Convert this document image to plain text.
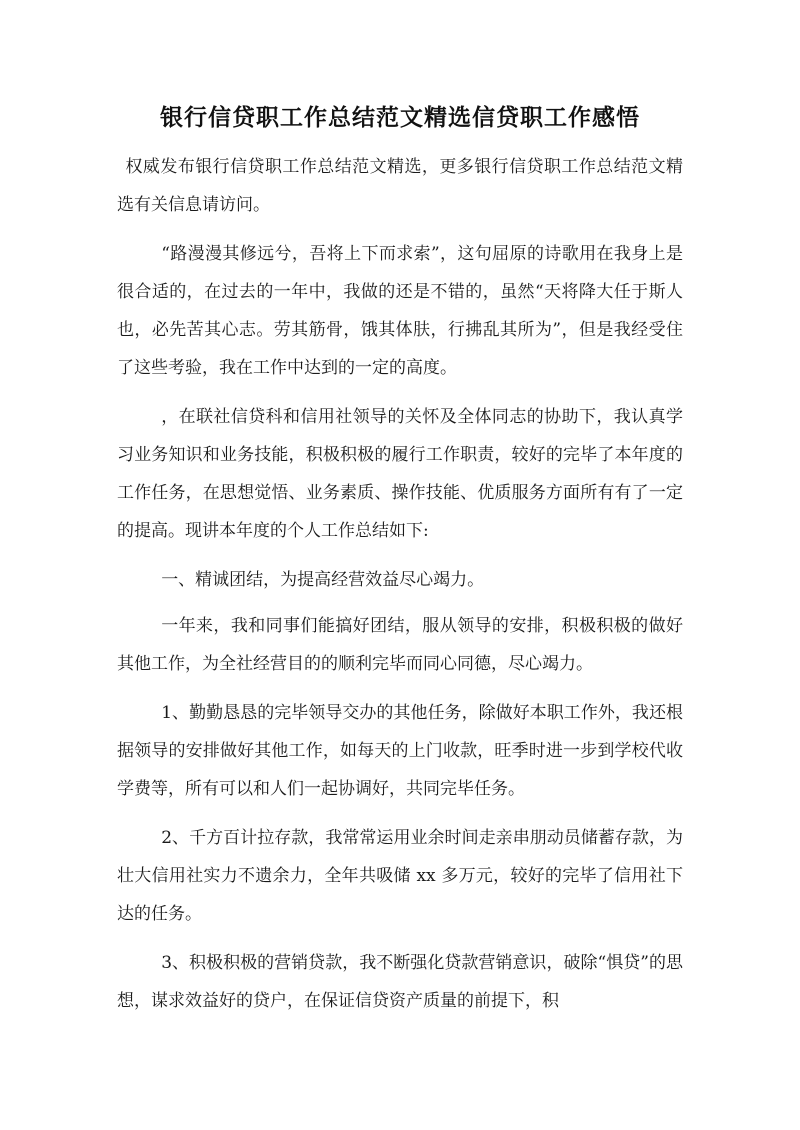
银行信贷职工作总结范文精选信贷职工作感悟

权威发布银行信贷职工作总结范文精选，更多银行信贷职工作总结范文精选有关信息请访问。

“路漫漫其修远兮，吾将上下而求索”，这句屈原的诗歌用在我身上是很合适的，在过去的一年中，我做的还是不错的，虽然“天将降大任于斯人也，必先苦其心志。劳其筋骨，饿其体肤，行拂乱其所为”，但是我经受住了这些考验，我在工作中达到的一定的高度。

，在联社信贷科和信用社领导的关怀及全体同志的协助下，我认真学习业务知识和业务技能，积极积极的履行工作职责，较好的完毕了本年度的工作任务，在思想觉悟、业务素质、操作技能、优质服务方面所有有了一定的提高。现讲本年度的个人工作总结如下:

一、精诚团结，为提高经营效益尽心竭力。

一年来，我和同事们能搞好团结，服从领导的安排，积极积极的做好其他工作，为全社经营目的的顺利完毕而同心同德，尽心竭力。

1、勤勤恳恳的完毕领导交办的其他任务，除做好本职工作外，我还根据领导的安排做好其他工作，如每天的上门收款，旺季时进一步到学校代收学费等，所有可以和人们一起协调好，共同完毕任务。

2、千方百计拉存款，我常常运用业余时间走亲串朋动员储蓄存款，为壮大信用社实力不遗余力，全年共吸储 xx 多万元，较好的完毕了信用社下达的任务。

3、积极积极的营销贷款，我不断强化贷款营销意识，破除“惧贷”的思想，谋求效益好的贷户，在保证信贷资产质量的前提下，积
